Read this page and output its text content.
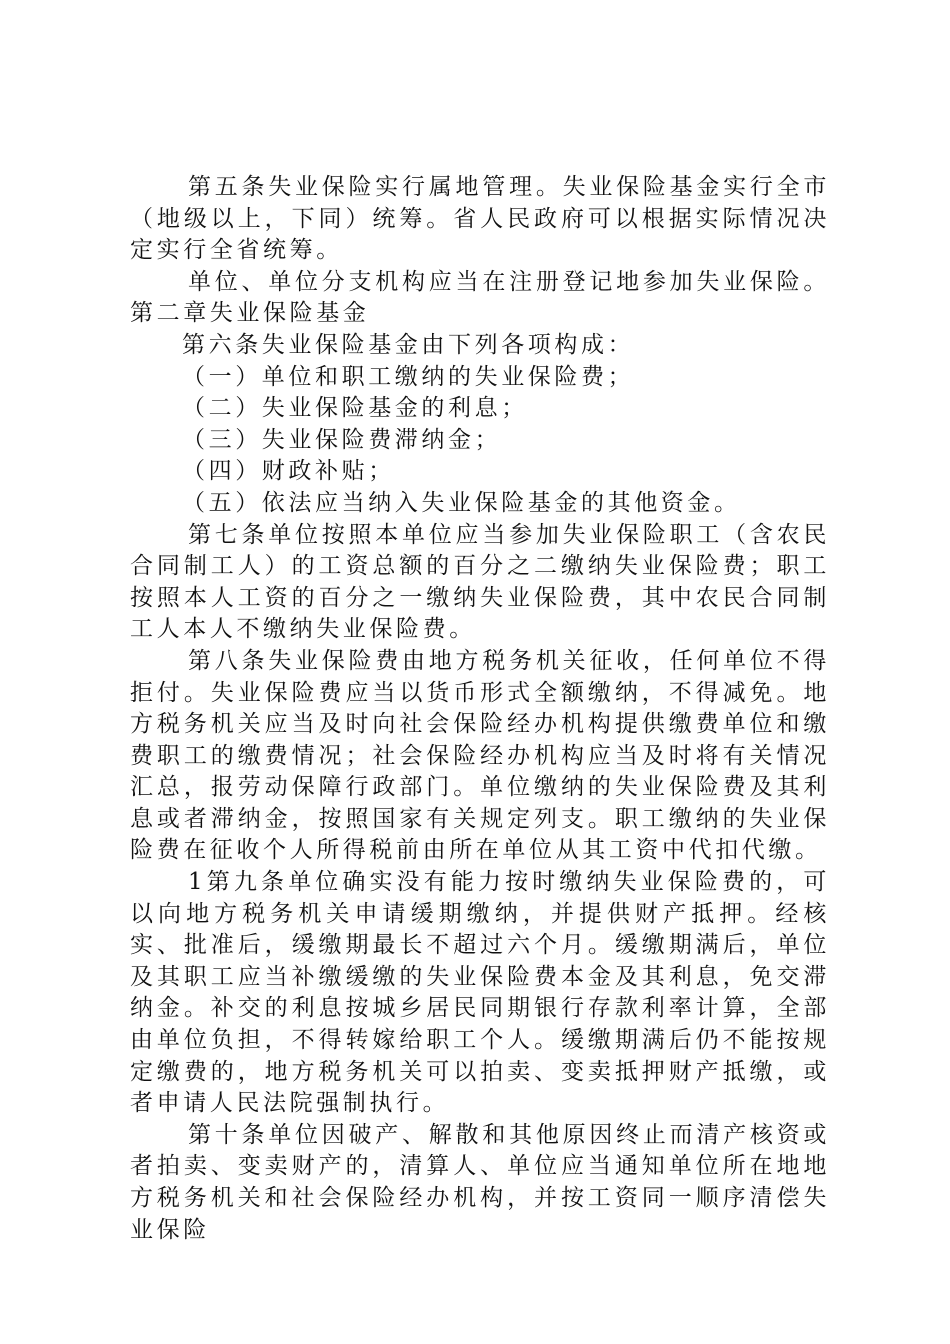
第五条失业保险实行属地管理。失业保险基金实行全市（地级以上，下同）统筹。省人民政府可以根据实际情况决定实行全省统筹。

单位、单位分支机构应当在注册登记地参加失业保险。第二章失业保险基金

第六条失业保险基金由下列各项构成：

（一）单位和职工缴纳的失业保险费；

（二）失业保险基金的利息；

（三）失业保险费滞纳金；

（四）财政补贴；

（五）依法应当纳入失业保险基金的其他资金。

第七条单位按照本单位应当参加失业保险职工（含农民合同制工人）的工资总额的百分之二缴纳失业保险费；职工按照本人工资的百分之一缴纳失业保险费，其中农民合同制工人本人不缴纳失业保险费。

第八条失业保险费由地方税务机关征收，任何单位不得拒付。失业保险费应当以货币形式全额缴纳，不得减免。地方税务机关应当及时向社会保险经办机构提供缴费单位和缴费职工的缴费情况；社会保险经办机构应当及时将有关情况汇总，报劳动保障行政部门。单位缴纳的失业保险费及其利息或者滞纳金，按照国家有关规定列支。职工缴纳的失业保险费在征收个人所得税前由所在单位从其工资中代扣代缴。

1第九条单位确实没有能力按时缴纳失业保险费的，可以向地方税务机关申请缓期缴纳，并提供财产抵押。经核实、批准后，缓缴期最长不超过六个月。缓缴期满后，单位及其职工应当补缴缓缴的失业保险费本金及其利息，免交滞纳金。补交的利息按城乡居民同期银行存款利率计算，全部由单位负担，不得转嫁给职工个人。缓缴期满后仍不能按规定缴费的，地方税务机关可以拍卖、变卖抵押财产抵缴，或者申请人民法院强制执行。

第十条单位因破产、解散和其他原因终止而清产核资或者拍卖、变卖财产的，清算人、单位应当通知单位所在地地方税务机关和社会保险经办机构，并按工资同一顺序清偿失业保险
